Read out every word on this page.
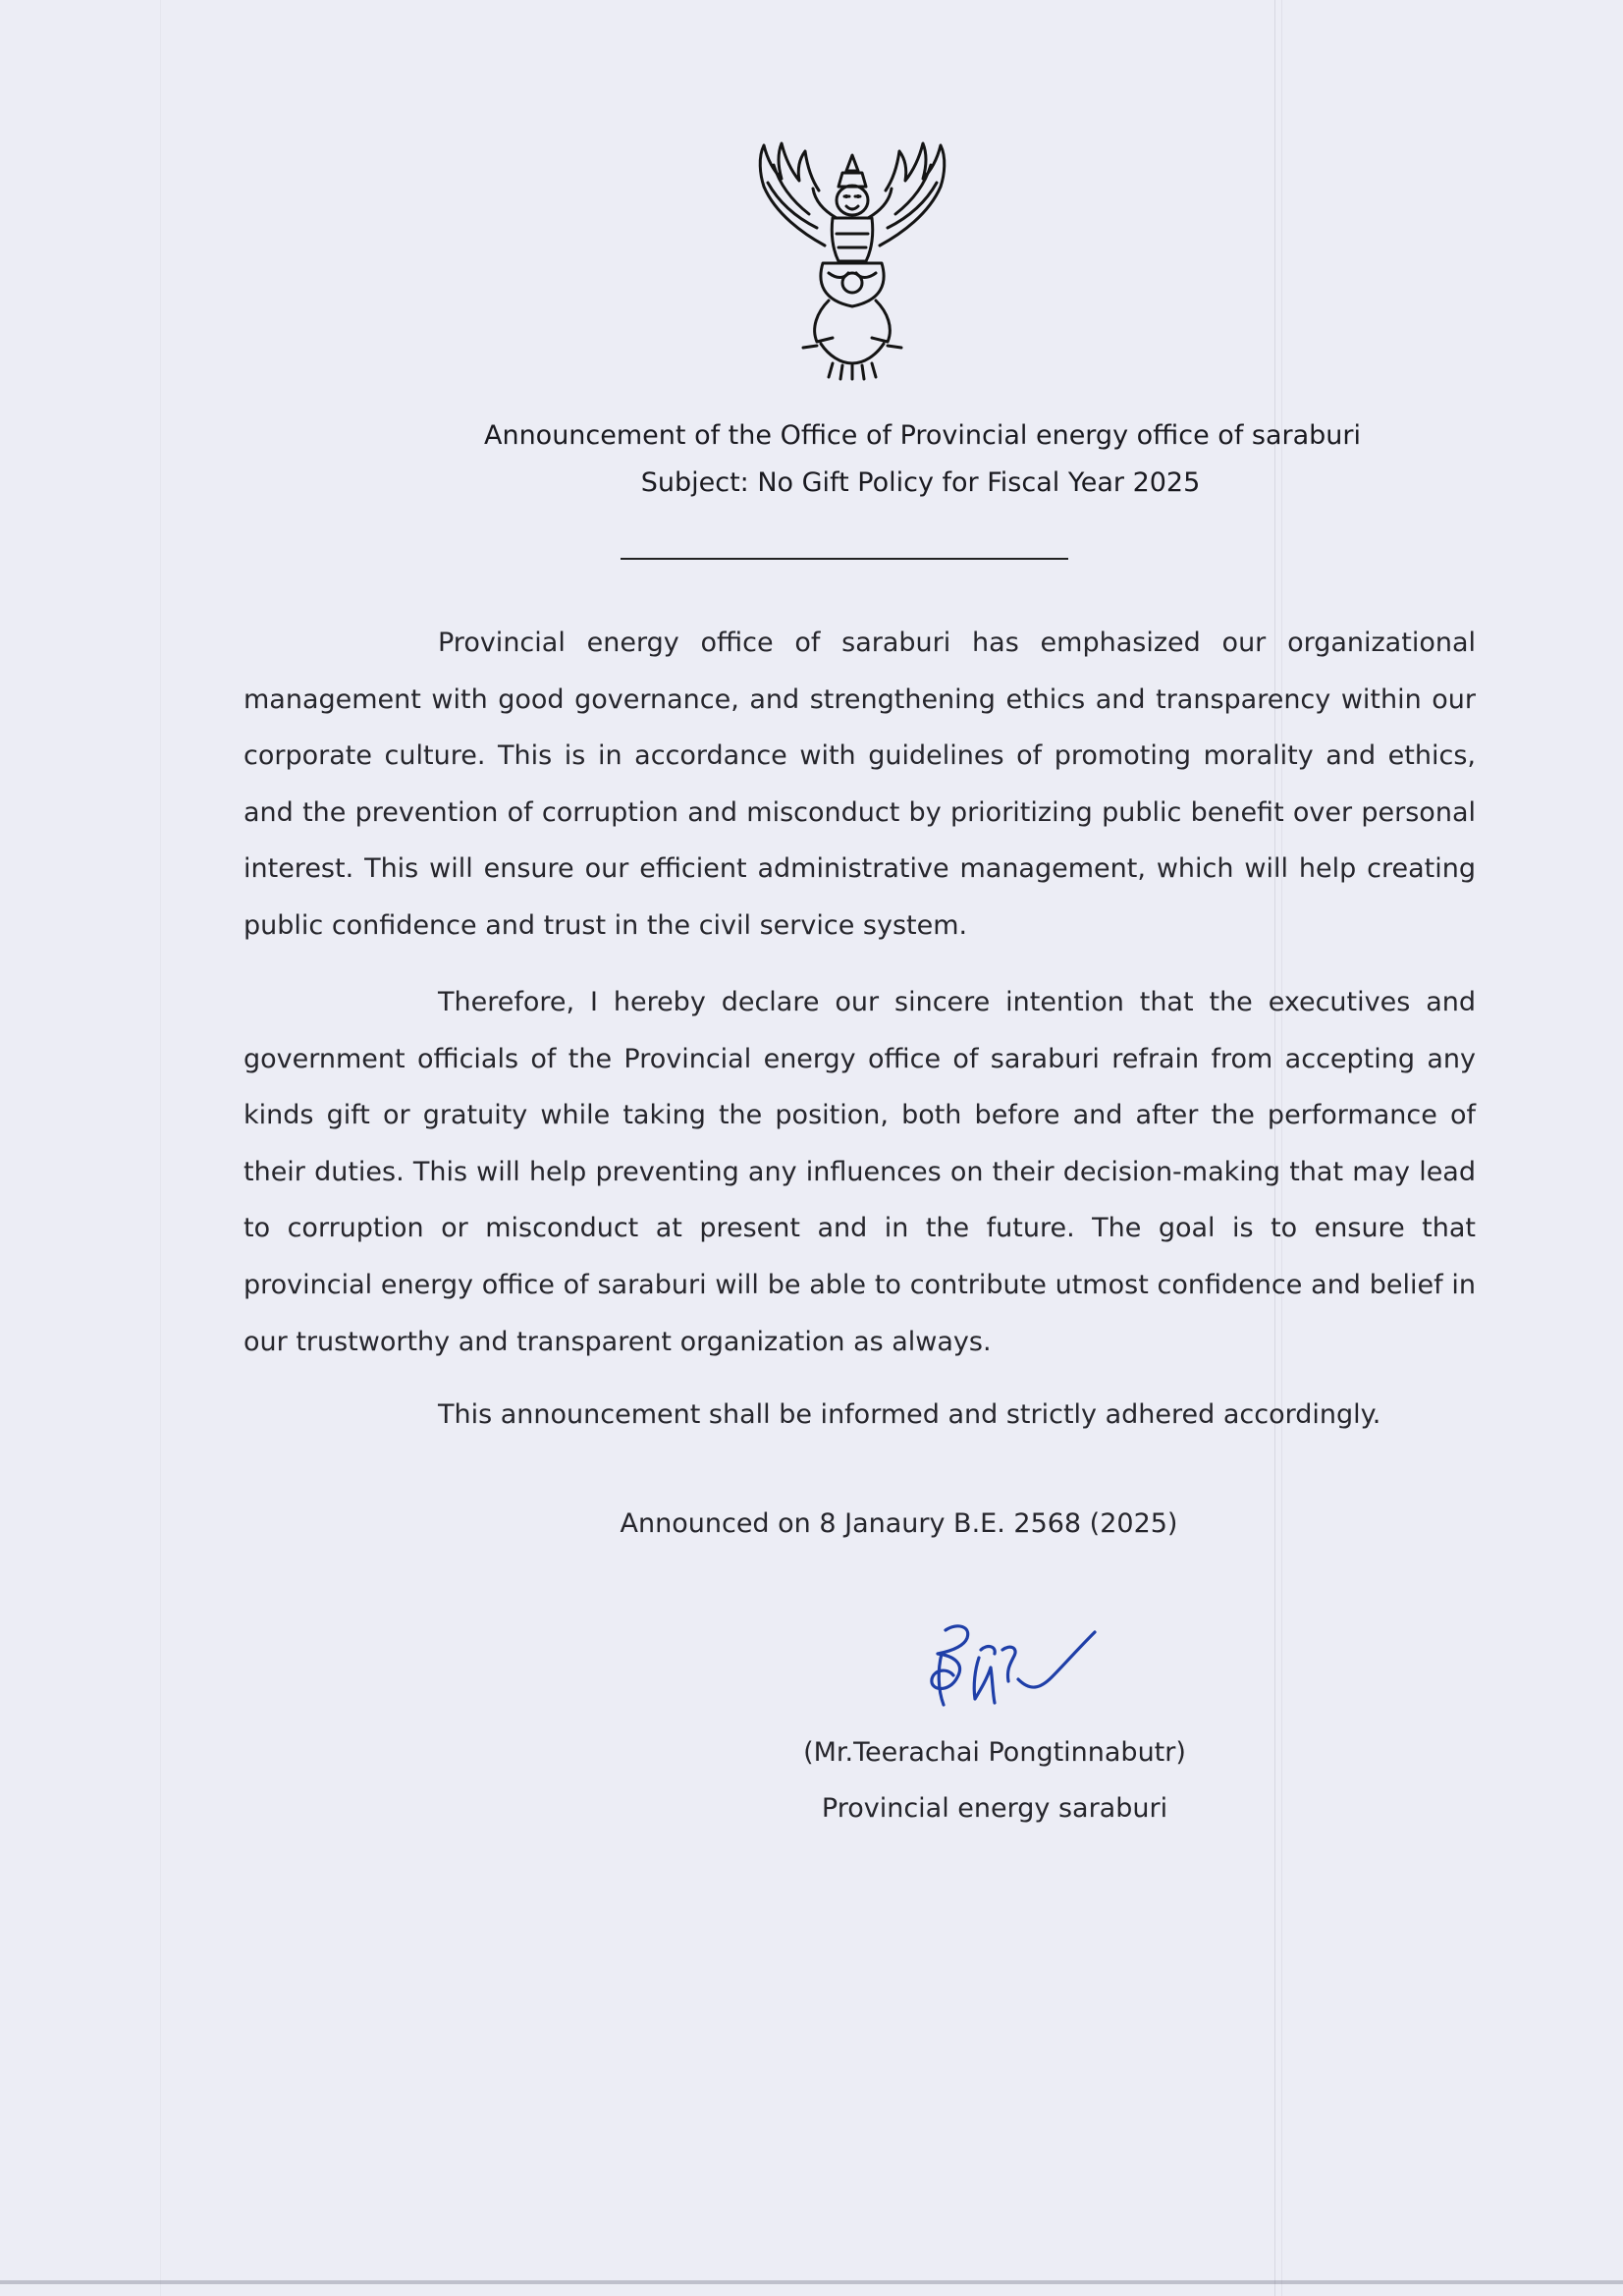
Announcement of the Office of Provincial energy office of saraburi
Subject: No Gift Policy for Fiscal Year 2025

Provincial energy office of saraburi has emphasized our organizational management with good governance, and strengthening ethics and transparency within our corporate culture. This is in accordance with guidelines of promoting morality and ethics, and the prevention of corruption and misconduct by prioritizing public benefit over personal interest. This will ensure our efficient administrative management, which will help creating public confidence and trust in the civil service system.

Therefore, I hereby declare our sincere intention that the executives and government officials of the Provincial energy office of saraburi refrain from accepting any kinds gift or gratuity while taking the position, both before and after the performance of their duties. This will help preventing any influences on their decision-making that may lead to corruption or misconduct at present and in the future. The goal is to ensure that provincial energy office of saraburi will be able to contribute utmost confidence and belief in our trustworthy and transparent organization as always.

This announcement shall be informed and strictly adhered accordingly.

Announced on 8 Janaury B.E. 2568 (2025)
(Mr.Teerachai Pongtinnabutr)
Provincial energy saraburi
